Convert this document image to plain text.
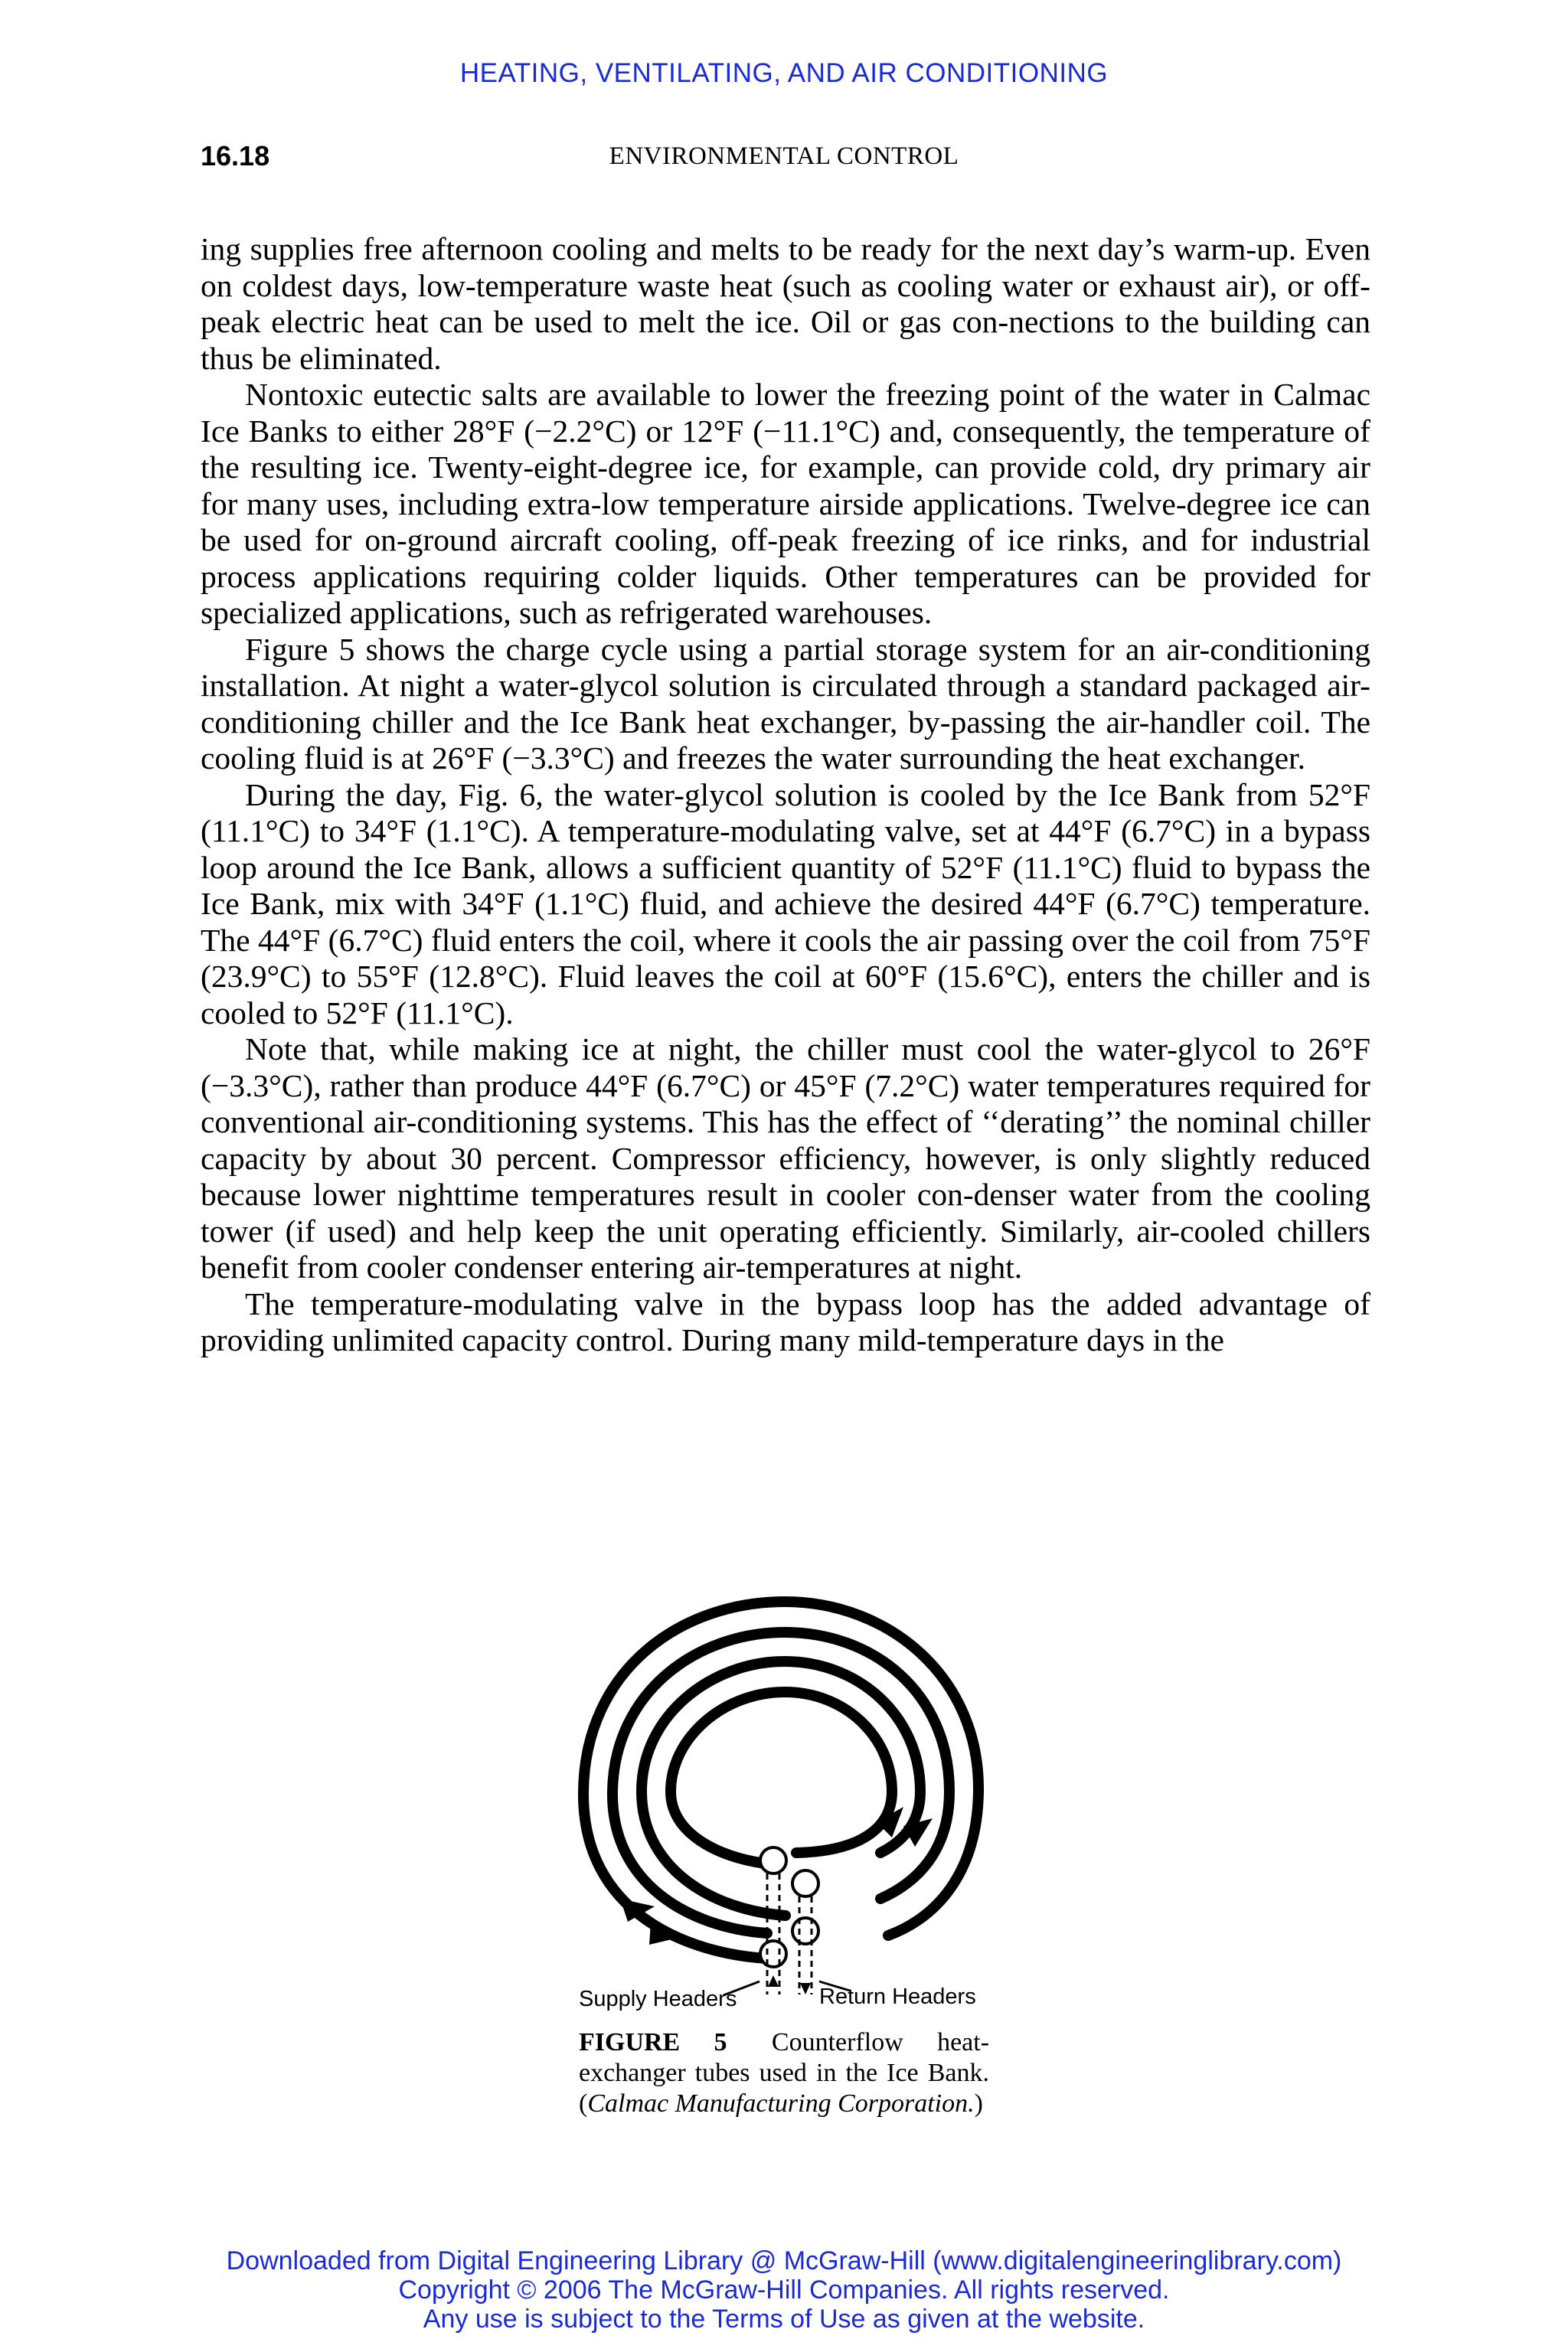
HEATING, VENTILATING, AND AIR CONDITIONING
16.18	ENVIRONMENTAL CONTROL

ing supplies free afternoon cooling and melts to be ready for the next day’s warm-up. Even on coldest days, low-temperature waste heat (such as cooling water or exhaust air), or off-peak electric heat can be used to melt the ice. Oil or gas con-nections to the building can thus be eliminated.

Nontoxic eutectic salts are available to lower the freezing point of the water in Calmac Ice Banks to either 28°F (−2.2°C) or 12°F (−11.1°C) and, consequently, the temperature of the resulting ice. Twenty-eight-degree ice, for example, can provide cold, dry primary air for many uses, including extra-low temperature airside applications. Twelve-degree ice can be used for on-ground aircraft cooling, off-peak freezing of ice rinks, and for industrial process applications requiring colder liquids. Other temperatures can be provided for specialized applications, such as refrigerated warehouses.

Figure 5 shows the charge cycle using a partial storage system for an air-conditioning installation. At night a water-glycol solution is circulated through a standard packaged air-conditioning chiller and the Ice Bank heat exchanger, by-passing the air-handler coil. The cooling fluid is at 26°F (−3.3°C) and freezes the water surrounding the heat exchanger.

During the day, Fig. 6, the water-glycol solution is cooled by the Ice Bank from 52°F (11.1°C) to 34°F (1.1°C). A temperature-modulating valve, set at 44°F (6.7°C) in a bypass loop around the Ice Bank, allows a sufficient quantity of 52°F (11.1°C) fluid to bypass the Ice Bank, mix with 34°F (1.1°C) fluid, and achieve the desired 44°F (6.7°C) temperature. The 44°F (6.7°C) fluid enters the coil, where it cools the air passing over the coil from 75°F (23.9°C) to 55°F (12.8°C). Fluid leaves the coil at 60°F (15.6°C), enters the chiller and is cooled to 52°F (11.1°C).

Note that, while making ice at night, the chiller must cool the water-glycol to 26°F (−3.3°C), rather than produce 44°F (6.7°C) or 45°F (7.2°C) water temperatures required for conventional air-conditioning systems. This has the effect of ‘‘derating’’ the nominal chiller capacity by about 30 percent. Compressor efficiency, however, is only slightly reduced because lower nighttime temperatures result in cooler con-denser water from the cooling tower (if used) and help keep the unit operating efficiently. Similarly, air-cooled chillers benefit from cooler condenser entering air-temperatures at night.

The temperature-modulating valve in the bypass loop has the added advantage of providing unlimited capacity control. During many mild-temperature days in the

Supply Headers	Return Headers
FIGURE 5 Counterflow heat-exchanger tubes used in the Ice Bank. (Calmac Manufacturing Corporation.)
Downloaded from Digital Engineering Library @ McGraw-Hill (www.digitalengineeringlibrary.com)
Copyright © 2006 The McGraw-Hill Companies. All rights reserved.
Any use is subject to the Terms of Use as given at the website.
